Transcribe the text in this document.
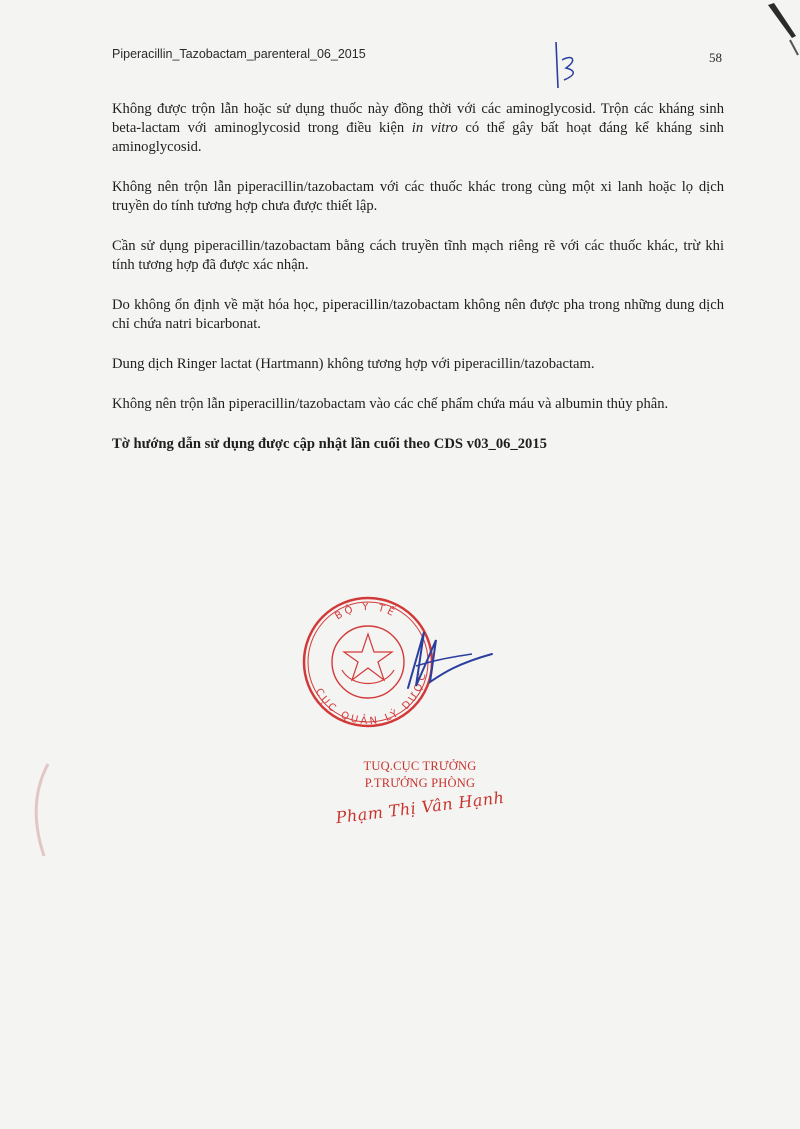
Piperacillin_Tazobactam_parenteral_06_2015	58

Không được trộn lẫn hoặc sử dụng thuốc này đồng thời với các aminoglycosid. Trộn các kháng sinh beta-lactam với aminoglycosid trong điều kiện in vitro có thể gây bất hoạt đáng kể kháng sinh aminoglycosid.

Không nên trộn lẫn piperacillin/tazobactam với các thuốc khác trong cùng một xi lanh hoặc lọ dịch truyền do tính tương hợp chưa được thiết lập.

Cần sử dụng piperacillin/tazobactam bằng cách truyền tĩnh mạch riêng rẽ với các thuốc khác, trừ khi tính tương hợp đã được xác nhận.

Do không ổn định về mặt hóa học, piperacillin/tazobactam không nên được pha trong những dung dịch chỉ chứa natri bicarbonat.

Dung dịch Ringer lactat (Hartmann) không tương hợp với piperacillin/tazobactam.

Không nên trộn lẫn piperacillin/tazobactam vào các chế phẩm chứa máu và albumin thủy phân.

Tờ hướng dẫn sử dụng được cập nhật lần cuối theo CDS v03_06_2015

BỘ Y TẾ
CỤC QUẢN LÝ DƯỢC
TUQ.CỤC TRƯỞNG
P.TRƯỞNG PHÒNG
Phạm Thị Vân Hạnh
